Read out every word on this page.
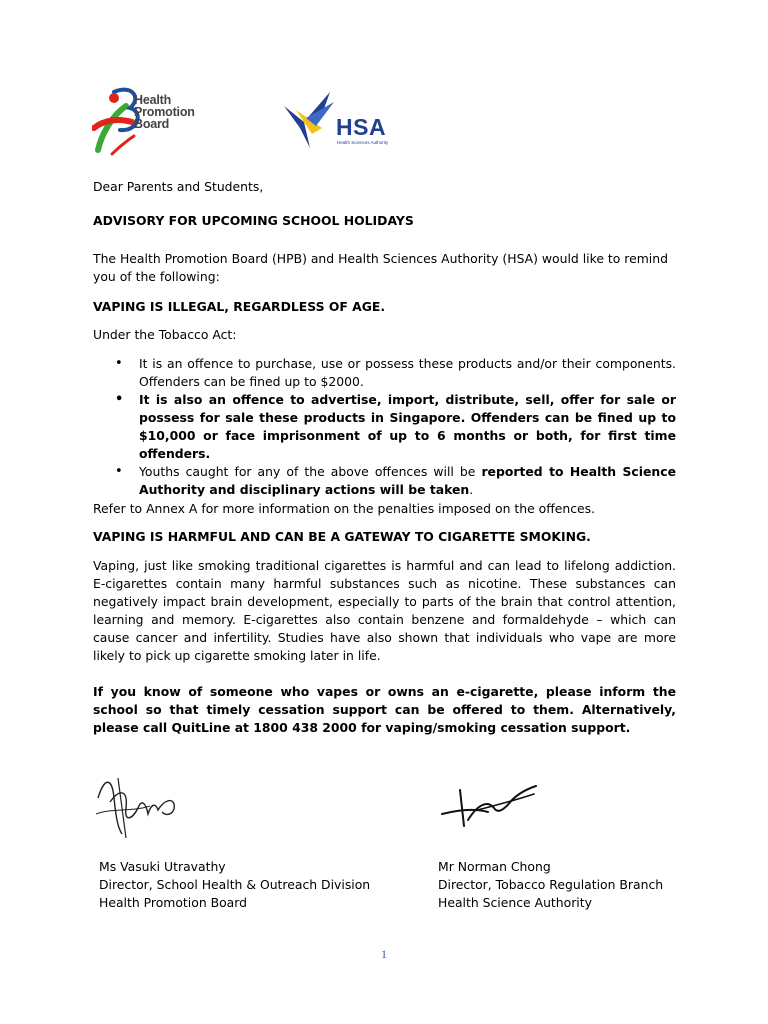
Health
Promotion
Board	HSA
Health Sciences Authority
Dear Parents and Students,
ADVISORY FOR UPCOMING SCHOOL HOLIDAYS
The Health Promotion Board (HPB) and Health Sciences Authority (HSA) would like to remind you of the following:
VAPING IS ILLEGAL, REGARDLESS OF AGE.
Under the Tobacco Act:
• It is an offence to purchase, use or possess these products and/or their components. Offenders can be fined up to $2000.
• It is also an offence to advertise, import, distribute, sell, offer for sale or possess for sale these products in Singapore. Offenders can be fined up to $10,000 or face imprisonment of up to 6 months or both, for first time offenders.
• Youths caught for any of the above offences will be reported to Health Science Authority and disciplinary actions will be taken.
Refer to Annex A for more information on the penalties imposed on the offences.
VAPING IS HARMFUL AND CAN BE A GATEWAY TO CIGARETTE SMOKING.
Vaping, just like smoking traditional cigarettes is harmful and can lead to lifelong addiction. E-cigarettes contain many harmful substances such as nicotine. These substances can negatively impact brain development, especially to parts of the brain that control attention, learning and memory. E-cigarettes also contain benzene and formaldehyde – which can cause cancer and infertility. Studies have also shown that individuals who vape are more likely to pick up cigarette smoking later in life.
If you know of someone who vapes or owns an e-cigarette, please inform the school so that timely cessation support can be offered to them. Alternatively, please call QuitLine at 1800 438 2000 for vaping/smoking cessation support.
Ms Vasuki Utravathy
Director, School Health & Outreach Division
Health Promotion Board
Mr Norman Chong
Director, Tobacco Regulation Branch
Health Science Authority
1
